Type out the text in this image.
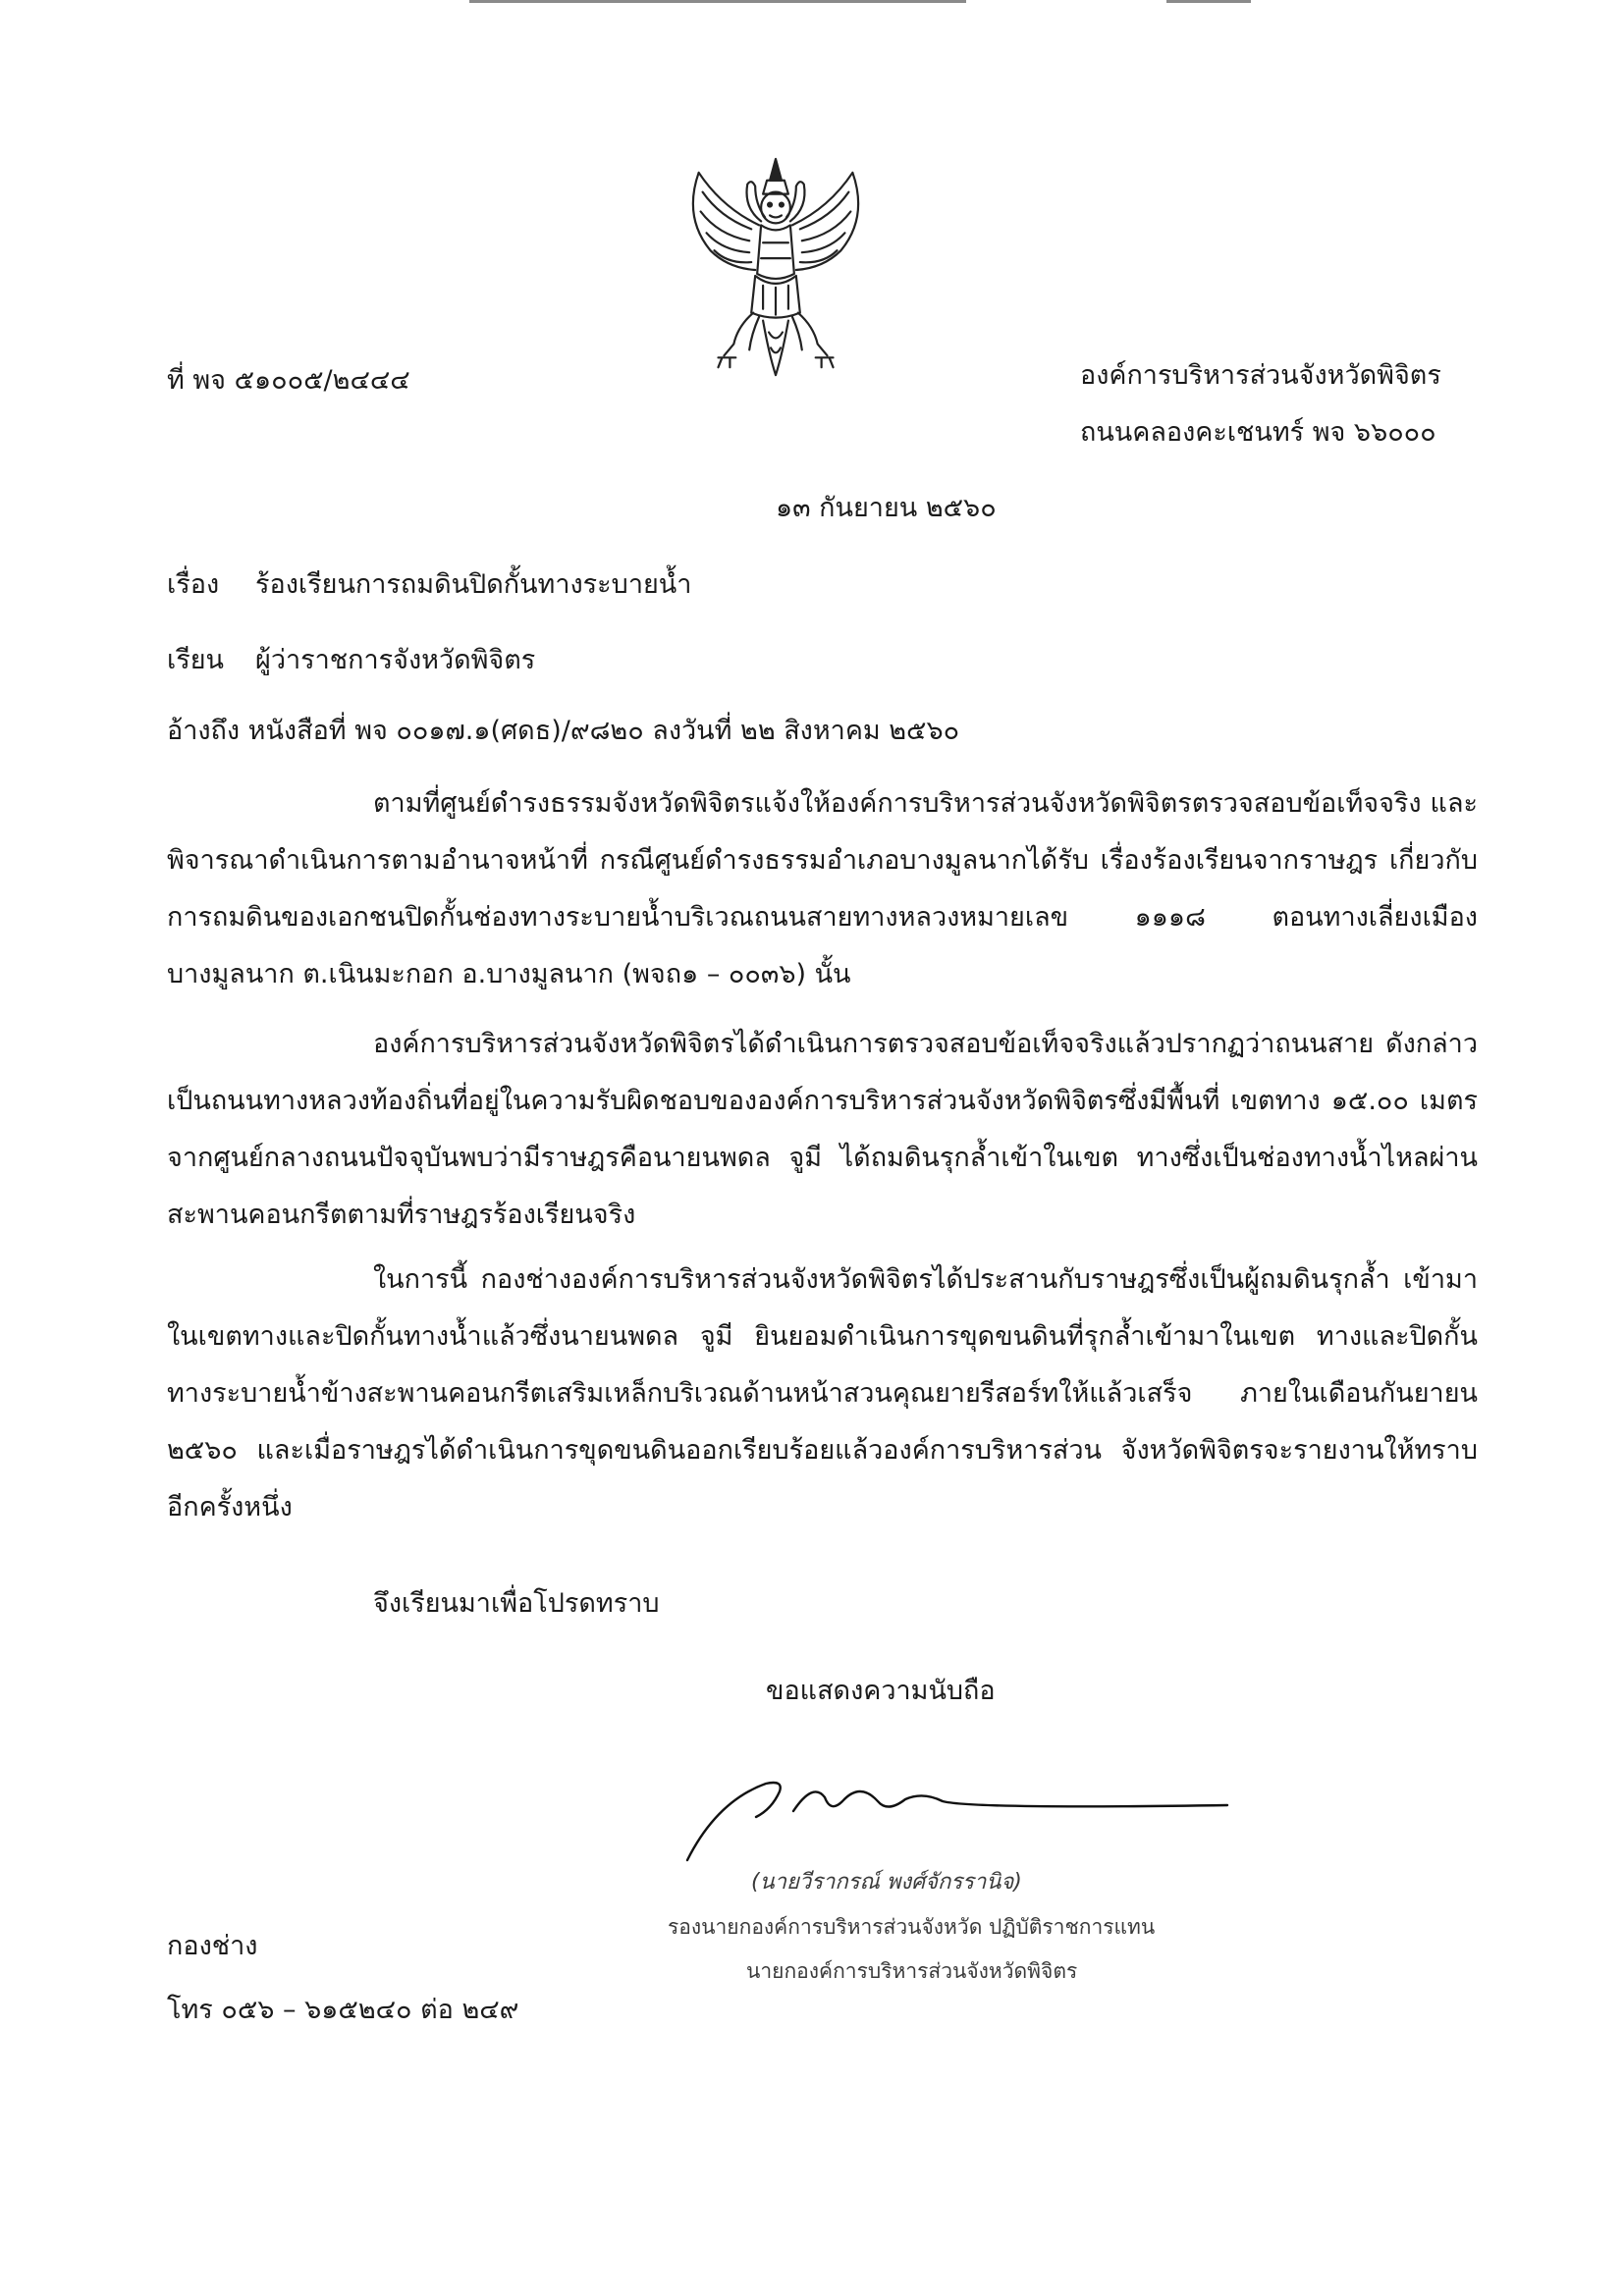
ที่ พจ ๕๑๐๐๕/๒๔๔๔	องค์การบริหารส่วนจังหวัดพิจิตร
ถนนคลองคะเชนทร์ พจ ๖๖๐๐๐
๑๓ กันยายน ๒๕๖๐
เรื่อง ร้องเรียนการถมดินปิดกั้นทางระบายน้ำ
เรียน ผู้ว่าราชการจังหวัดพิจิตร
อ้างถึง หนังสือที่ พจ ๐๐๑๗.๑(ศดธ)/๙๘๒๐ ลงวันที่ ๒๒ สิงหาคม ๒๕๖๐

ตามที่ศูนย์ดำรงธรรมจังหวัดพิจิตรแจ้งให้องค์การบริหารส่วนจังหวัดพิจิตรตรวจสอบข้อเท็จจริง และพิจารณาดำเนินการตามอำนาจหน้าที่ กรณีศูนย์ดำรงธรรมอำเภอบางมูลนากได้รับ เรื่องร้องเรียนจากราษฎร เกี่ยวกับการถมดินของเอกชนปิดกั้นช่องทางระบายน้ำบริเวณถนนสายทางหลวงหมายเลข ๑๑๑๘ ตอนทางเลี่ยงเมือง บางมูลนาก ต.เนินมะกอก อ.บางมูลนาก (พจถ๑ – ๐๐๓๖) นั้น

องค์การบริหารส่วนจังหวัดพิจิตรได้ดำเนินการตรวจสอบข้อเท็จจริงแล้วปรากฏว่าถนนสาย ดังกล่าวเป็นถนนทางหลวงท้องถิ่นที่อยู่ในความรับผิดชอบขององค์การบริหารส่วนจังหวัดพิจิตรซึ่งมีพื้นที่ เขตทาง ๑๕.๐๐ เมตร จากศูนย์กลางถนนปัจจุบันพบว่ามีราษฎรคือนายนพดล จูมี ได้ถมดินรุกล้ำเข้าในเขต ทางซึ่งเป็นช่องทางน้ำไหลผ่านสะพานคอนกรีตตามที่ราษฎรร้องเรียนจริง

ในการนี้ กองช่างองค์การบริหารส่วนจังหวัดพิจิตรได้ประสานกับราษฎรซึ่งเป็นผู้ถมดินรุกล้ำ เข้ามาในเขตทางและปิดกั้นทางน้ำแล้วซึ่งนายนพดล จูมี ยินยอมดำเนินการขุดขนดินที่รุกล้ำเข้ามาในเขต ทางและปิดกั้นทางระบายน้ำข้างสะพานคอนกรีตเสริมเหล็กบริเวณด้านหน้าสวนคุณยายรีสอร์ทให้แล้วเสร็จ ภายในเดือนกันยายน ๒๕๖๐ และเมื่อราษฎรได้ดำเนินการขุดขนดินออกเรียบร้อยแล้วองค์การบริหารส่วน จังหวัดพิจิตรจะรายงานให้ทราบอีกครั้งหนึ่ง

จึงเรียนมาเพื่อโปรดทราบ

ขอแสดงความนับถือ
(นายวีรากรณ์ พงศ์จักรรานิจ)
รองนายกองค์การบริหารส่วนจังหวัด ปฏิบัติราชการแทน
นายกองค์การบริหารส่วนจังหวัดพิจิตร
กองช่าง
โทร ๐๕๖ – ๖๑๕๒๔๐ ต่อ ๒๔๙
